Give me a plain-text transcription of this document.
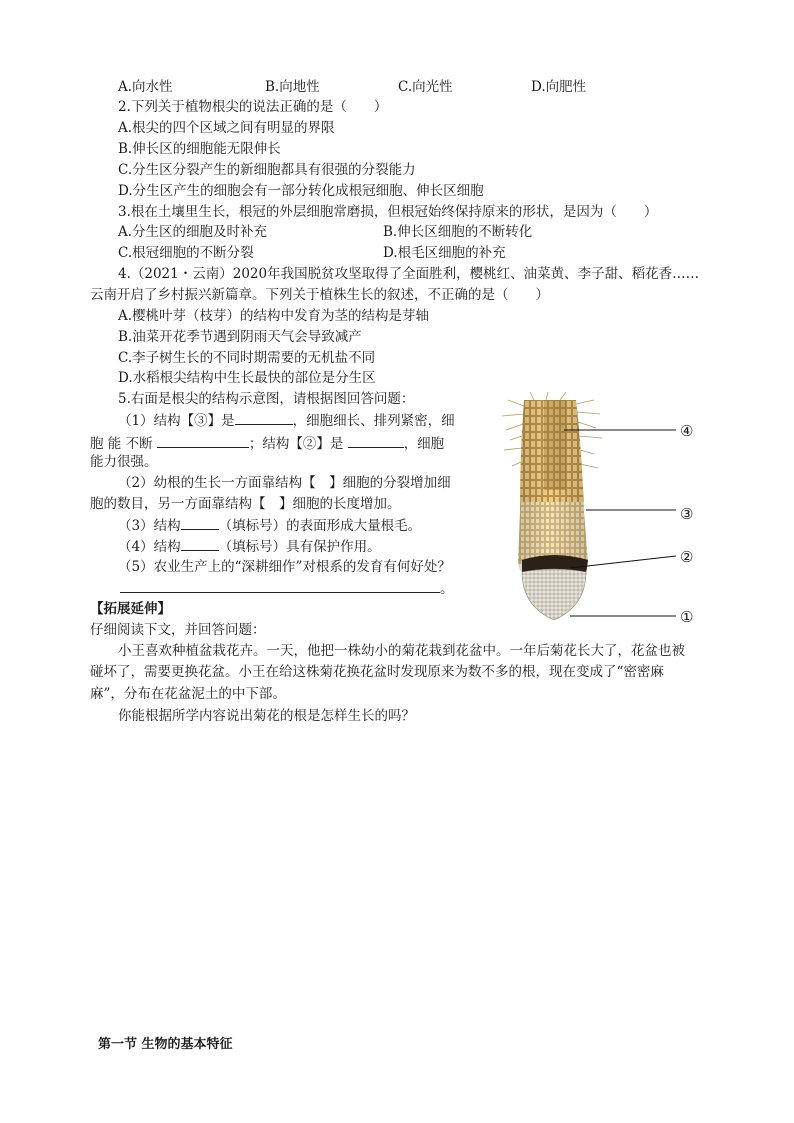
A.向水性	B.向地性	C.向光性	D.向肥性
2.下列关于植物根尖的说法正确的是（　　）
A.根尖的四个区域之间有明显的界限
B.伸长区的细胞能无限伸长
C.分生区分裂产生的新细胞都具有很强的分裂能力
D.分生区产生的细胞会有一部分转化成根冠细胞、伸长区细胞
3.根在土壤里生长，根冠的外层细胞常磨损，但根冠始终保持原来的形状，是因为（　　）
A.分生区的细胞及时补充	B.伸长区细胞的不断转化
C.根冠细胞的不断分裂	D.根毛区细胞的补充
4.（2021・云南）2020年我国脱贫攻坚取得了全面胜利，樱桃红、油菜黄、李子甜、稻花香……
云南开启了乡村振兴新篇章。下列关于植株生长的叙述，不正确的是（　　）
A.樱桃叶芽（枝芽）的结构中发育为茎的结构是芽轴
B.油菜开花季节遇到阴雨天气会导致减产
C.李子树生长的不同时期需要的无机盐不同
D.水稻根尖结构中生长最快的部位是分生区
5.右面是根尖的结构示意图，请根据图回答问题：
（1）结构【③】是	，细胞细长、排列紧密，细
胞 能 不断	；结构【②】是	，细胞
能力很强。
（2）幼根的生长一方面靠结构【　】细胞的分裂增加细
胞的数目，另一方面靠结构【　】细胞的长度增加。
（3）结构	（填标号）的表面形成大量根毛。
（4）结构	（填标号）具有保护作用。
（5）农业生产上的“深耕细作”对根系的发育有何好处？
。
④
③
②
①
【拓展延伸】
仔细阅读下文，并回答问题：
小王喜欢种植盆栽花卉。一天，他把一株幼小的菊花栽到花盆中。一年后菊花长大了，花盆也被
碰坏了，需要更换花盆。小王在给这株菊花换花盆时发现原来为数不多的根，现在变成了“密密麻
麻”，分布在花盆泥土的中下部。
你能根据所学内容说出菊花的根是怎样生长的吗？
第一节 生物的基本特征
